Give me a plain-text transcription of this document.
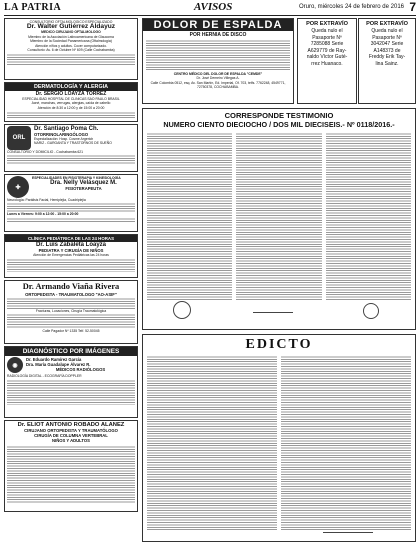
LA PATRIA	AVISOS	Oruro, miércoles 24 de febrero de 2016 7
CONSULTORIO OFTALMOLOGICO ESPECIALIZADO
Dr. Walter Gutiérrez Aldayuz
MEDICO CIRUJANO OFTALMOLOGO
Miembro de la Asociación Latinoamericana de Glaucoma
Miembro de la Sociedad Panamericana (Oftalmología)
Atención niños y adultos. Cocer computarizado.
Consultorio: Av. 6 de Octubre Nº 609 (Calle Cochabamba)
DERMATOLOGÍA Y ALERGIA
Dr. SERGIO LOAYZA TORREZ
ESPECIALIDAD HOSPITAL DE CLINICAS SAO PAULO BRASIL
Acné, manchas, verrugas, alergias, caída de cabello
Atención de 8:30 a 12:00 y de 15:00 a 20:00
ORL
Dr. Santiago Poma Ch.
OTORRINOLARINGÓLOGO
Especialización: Hosp. Cosme Argerich
NARIZ - GARGANTA Y TRASTORNOS DE SUEÑO
CONSULTORIO Y DOMICILIO - Cochabamba 621
✚
ESPECIALIDADES EN FISIOTERAPIA Y KINESIOLOGÍA
Dra. Nelly Velásquez M.
FISIOTERAPEUTA
Neurología: Parálisis Facial, Hemiplejia, Cuadriplejia
Lunes a Viernes: 9:00 a 12:00 - 15:00 a 20:00
CLÍNICA PEDIÁTRICA DE LAS 24 HORAS
Dr. Luis Zabaleta Loayza
PEDIATRA Y CIRUGÍA DE NIÑOS
Atención de Emergencias Pediátricas las 24 horas
Dr. Armando Viaña Rivera
ORTOPEDISTA - TRAUMATOLOGO "AO-ASIF"
Fracturas, Luxaciones, Cirugía Traumatológica
Calle Pagador Nº 1335 Telf. 52-50045
DIAGNÓSTICO POR IMÁGENES
◉
Dr. Eduardo Ramírez García
Dra. María Guadalupe Álvarez R.
MÉDICOS RADIÓLOGOS
RADIOLOGÍA DIGITAL - ECOGRAFÍA DOPPLER
Dr. ELIOT ANTONIO ROBADO ALANEZ
CIRUJANO ORTOPEDISTA Y TRAUMATÓLOGO
CIRUGÍA DE COLUMNA VERTEBRAL
NIÑOS Y ADULTOS
DOLOR DE ESPALDA
POR HERNIA DE DISCO
CENTRO MÉDICO DEL DOLOR DE ESPALDA "CEMDE"
Dr. José Demeiro Villegas A.
Calle Colombia 0512, esq. Av. San Martín, Ed. Imperial, Of. 703, telfs. 7762248, 4549771, 72750378, COCHABAMBA.
POR EXTRAVÍO
Queda nulo el
Pasaporte Nº
7285088 Serie
A629779 de Ray-
naldo Víctor Guté-
rrez Huanaco.
POR EXTRAVÍO
Queda nulo el
Pasaporte Nº
3042047 Serie
A148373 de
Freddy Erik Tay-
lina Sainz.
CORRESPONDE TESTIMONIO
NUMERO CIENTO DIECIOCHO / DOS MIL DIECISEIS.- Nº 0118/2016.-
EDICTO
